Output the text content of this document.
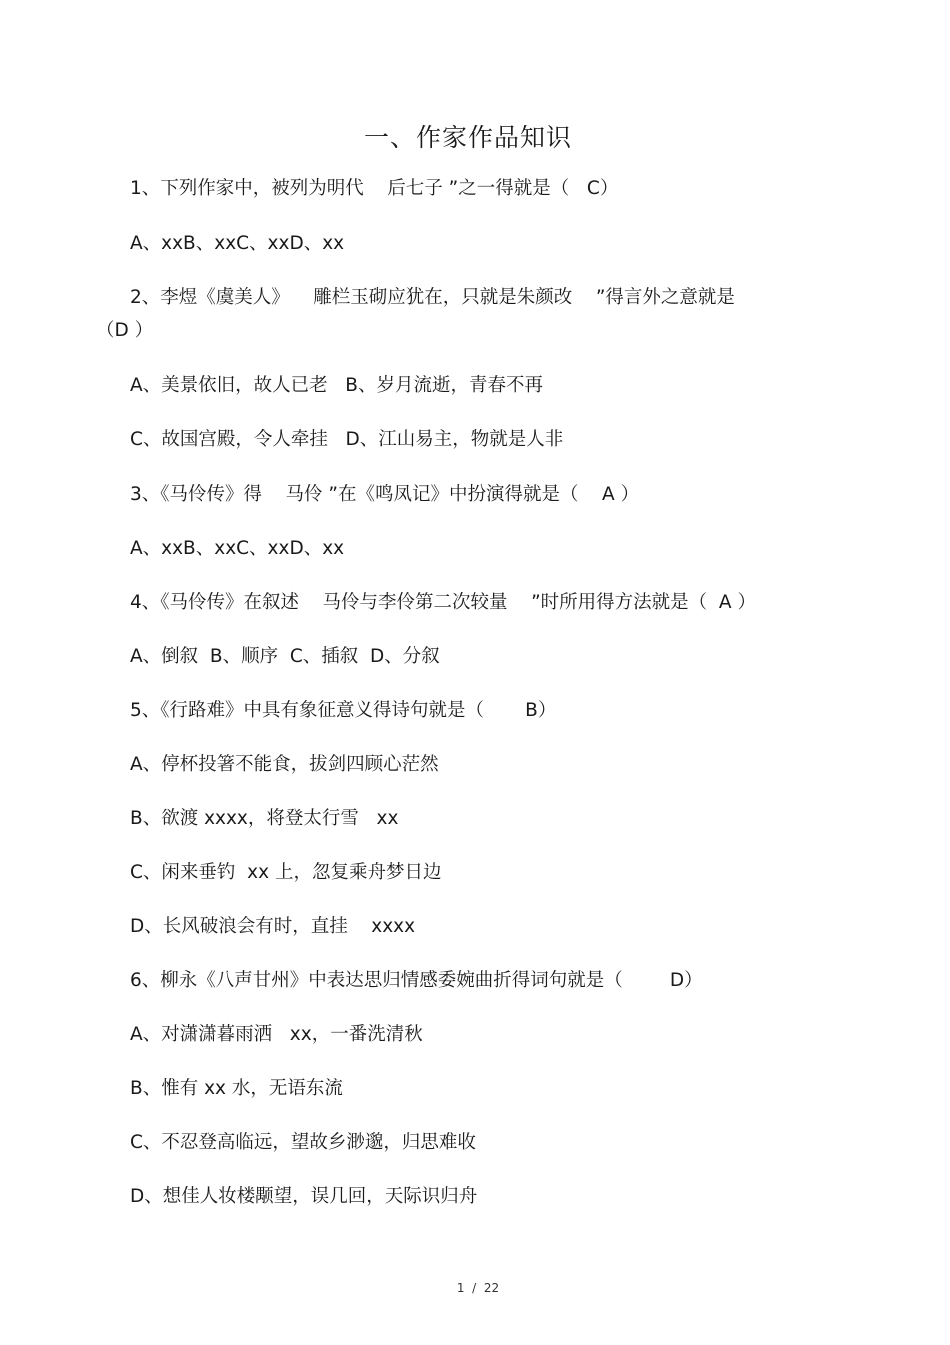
一、作家作品知识
1、下列作家中，被列为明代    后七子 ”之一得就是（   C）
A、xxB、xxC、xxD、xx
2、李煜《虞美人》    雕栏玉砌应犹在，只就是朱颜改    ”得言外之意就是
（D ）
A、美景依旧，故人已老   B、岁月流逝，青春不再
C、故国宫殿，令人牵挂   D、江山易主，物就是人非
3、《马伶传》得    马伶 ”在《鸣凤记》中扮演得就是（    A ）
A、xxB、xxC、xxD、xx
4、《马伶传》在叙述    马伶与李伶第二次较量    ”时所用得方法就是（  A ）
A、倒叙  B、顺序  C、插叙  D、分叙
5、《行路难》中具有象征意义得诗句就是（       B）
A、停杯投箸不能食，拔剑四顾心茫然
B、欲渡 xxxx，将登太行雪   xx
C、闲来垂钓  xx 上，忽复乘舟梦日边
D、长风破浪会有时，直挂    xxxx
6、柳永《八声甘州》中表达思归情感委婉曲折得词句就是（        D）
A、对潇潇暮雨洒   xx，一番洗清秋
B、惟有 xx 水，无语东流
C、不忍登高临远，望故乡渺邈，归思难收
D、想佳人妆楼颙望，误几回，天际识归舟
1  /  22
